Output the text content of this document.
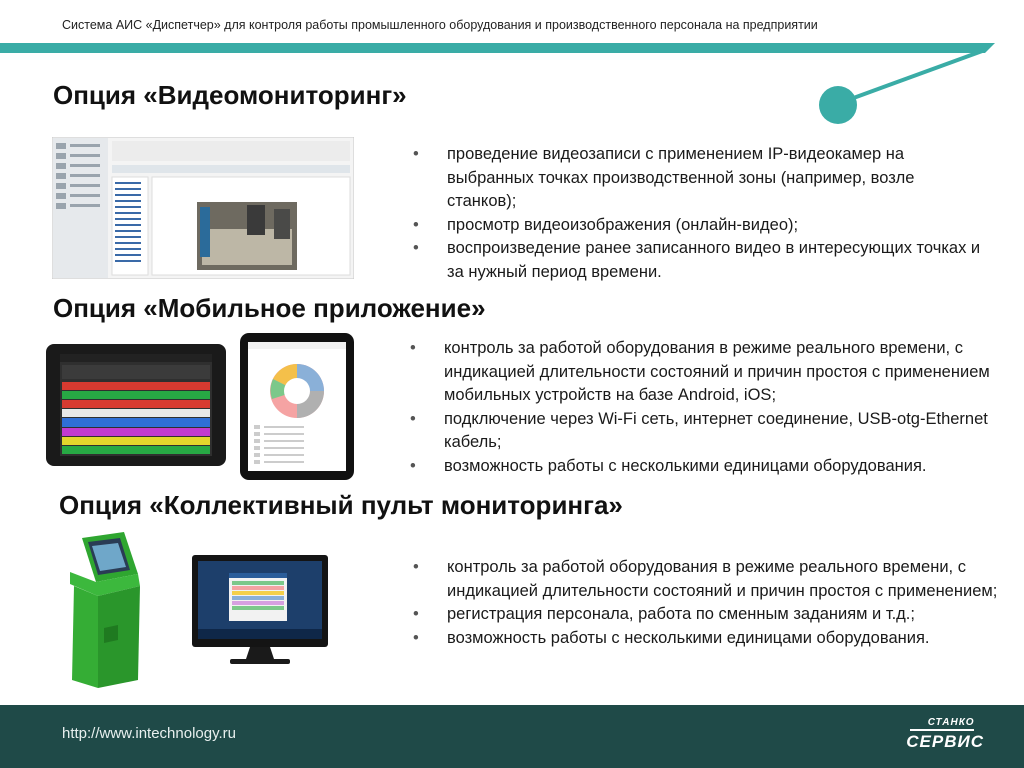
Система АИС «Диспетчер» для контроля работы промышленного оборудования и производственного персонала на предприятии
Опция «Видеомониторинг»
• проведение видеозаписи с применением IP-видеокамер на выбранных точках производственной зоны (например, возле станков);
• просмотр видеоизображения (онлайн-видео);
• воспроизведение ранее записанного видео в интересующих точках и за нужный период времени.
Опция «Мобильное приложение»
• контроль за работой оборудования в режиме реального времени, с индикацией длительности состояний и причин простоя с применением мобильных устройств на базе Android, iOS;
• подключение через Wi-Fi сеть, интернет соединение, USB-otg-Ethernet кабель;
• возможность работы с несколькими единицами оборудования.
Опция «Коллективный пульт мониторинга»
• контроль за работой оборудования в режиме реального времени, с индикацией длительности состояний и причин простоя с применением;
• регистрация персонала, работа по сменным заданиям и т.д.;
• возможность работы с несколькими единицами оборудования.
http://www.intechnology.ru
СТАНКО
СЕРВИС
